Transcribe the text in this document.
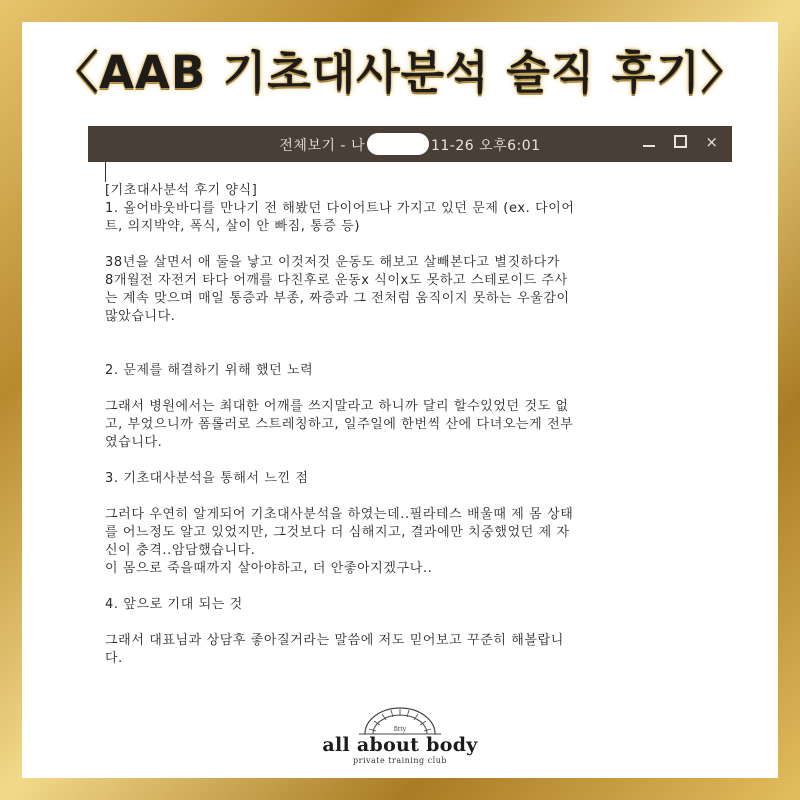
〈AAB 기초대사분석 솔직 후기〉
전체보기 - 나	11-26 오후6:01	×

[기초대사분석 후기 양식]

1. 올어바웃바디를 만나기 전 해봤던 다이어트나 가지고 있던 문제 (ex. 다이어

트, 의지박약, 폭식, 살이 안 빠짐, 통증 등)

38년을 살면서 애 둘을 낳고 이것저것 운동도 해보고 살빼본다고 별짓하다가

8개월전 자전거 타다 어깨를 다친후로 운동x 식이x도 못하고 스테로이드 주사

는 계속 맞으며 매일 통증과 부종, 짜증과 그 전처럼 움직이지 못하는 우울감이

많았습니다.

2. 문제를 해결하기 위해 했던 노력

그래서 병원에서는 최대한 어깨를 쓰지말라고 하니까 달리 할수있었던 것도 없

고, 부었으니까 폼롤러로 스트레칭하고, 일주일에 한번씩 산에 다녀오는게 전부

였습니다.

3. 기초대사분석을 통해서 느낀 점

그러다 우연히 알게되어 기초대사분석을 하였는데..필라테스 배울때 제 몸 상태

를 어느정도 알고 있었지만, 그것보다 더 심해지고, 결과에만 치중했었던 제 자

신이 충격..암담했습니다.

이 몸으로 죽을때까지 살아야하고, 더 안좋아지겠구나..

4. 앞으로 기대 되는 것

그래서 대표님과 상담후 좋아질거라는 말씀에 저도 믿어보고 꾸준히 해볼랍니

다.

fitty
all about body
private training club
